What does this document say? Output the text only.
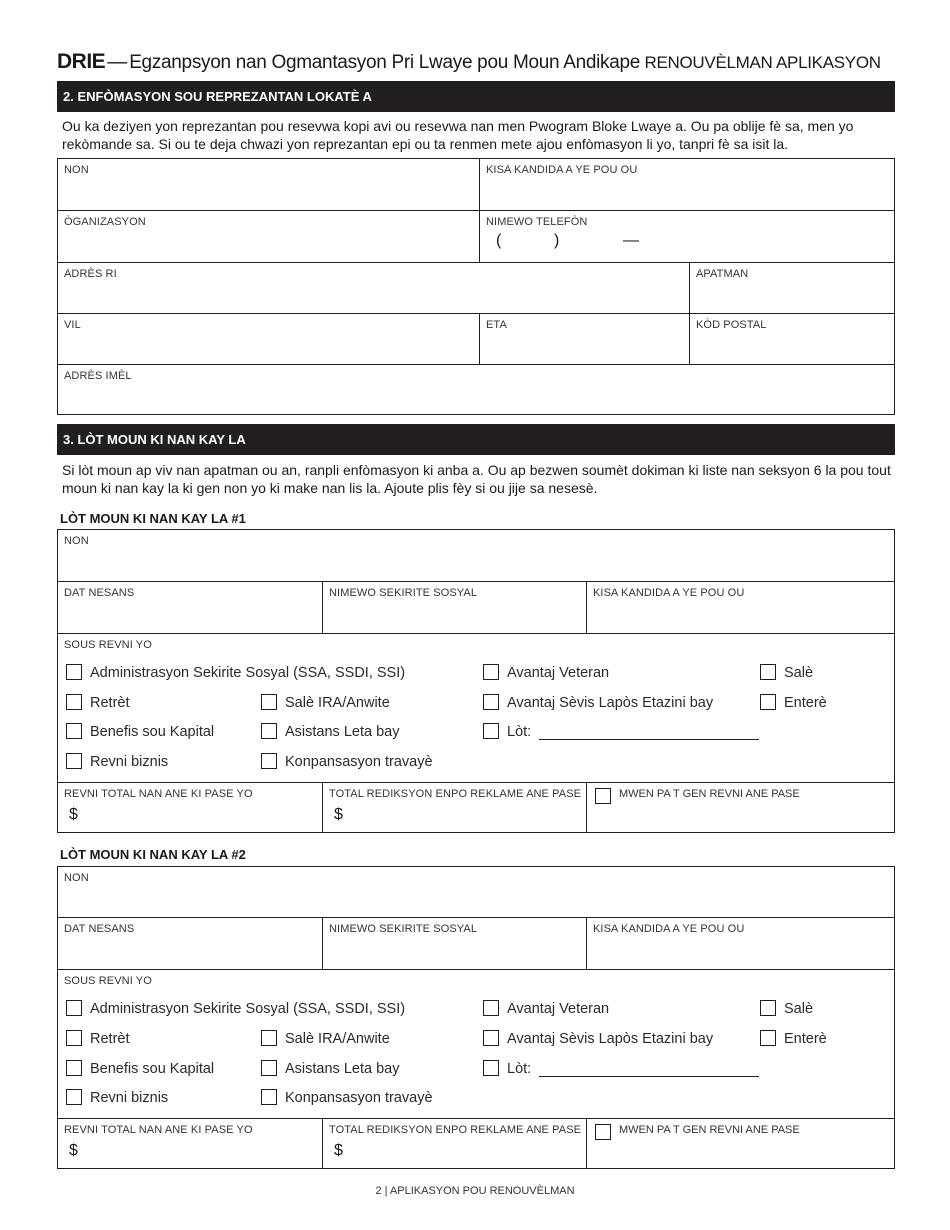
DRIE — Egzanpsyon nan Ogmantasyon Pri Lwaye pou Moun Andikape RENOUVÈLMAN APLIKASYON
2. ENFÒMASYON SOU REPREZANTAN LOKATÈ A
Ou ka deziyen yon reprezantan pou resevwa kopi avi ou resevwa nan men Pwogram Bloke Lwaye a. Ou pa oblije fè sa, men yo rekòmande sa. Si ou te deja chwazi yon reprezantan epi ou ta renmen mete ajou enfòmasyon li yo, tanpri fè sa isit la.
NON	KISA KANDIDA A YE POU OU
ÒGANIZASYON	NIMEWO TELEFÒN
(	)	—
ADRÈS RI	APATMAN
VIL	ETA	KÒD POSTAL
ADRÈS IMÈL
3. LÒT MOUN KI NAN KAY LA
Si lòt moun ap viv nan apatman ou an, ranpli enfòmasyon ki anba a. Ou ap bezwen soumèt dokiman ki liste nan seksyon 6 la pou tout moun ki nan kay la ki gen non yo ki make nan lis la. Ajoute plis fèy si ou jije sa nesesè.
LÒT MOUN KI NAN KAY LA #1
NON
DAT NESANS	NIMEWO SEKIRITE SOSYAL	KISA KANDIDA A YE POU OU
SOUS REVNI YO
Administrasyon Sekirite Sosyal (SSA, SSDI, SSI)	Avantaj Veteran	Salè
Retrèt	Salè IRA/Anwite	Avantaj Sèvis Lapòs Etazini bay	Enterè
Benefis sou Kapital	Asistans Leta bay	Lòt:
Revni biznis	Konpansasyon travayè
REVNI TOTAL NAN ANE KI PASE YO
$
TOTAL REDIKSYON ENPO REKLAME ANE PASE
$
MWEN PA T GEN REVNI ANE PASE
LÒT MOUN KI NAN KAY LA #2
NON
DAT NESANS	NIMEWO SEKIRITE SOSYAL	KISA KANDIDA A YE POU OU
SOUS REVNI YO
Administrasyon Sekirite Sosyal (SSA, SSDI, SSI)	Avantaj Veteran	Salè
Retrèt	Salè IRA/Anwite	Avantaj Sèvis Lapòs Etazini bay	Enterè
Benefis sou Kapital	Asistans Leta bay	Lòt:
Revni biznis	Konpansasyon travayè
REVNI TOTAL NAN ANE KI PASE YO
$
TOTAL REDIKSYON ENPO REKLAME ANE PASE
$
MWEN PA T GEN REVNI ANE PASE
2 | APLIKASYON POU RENOUVÈLMAN
